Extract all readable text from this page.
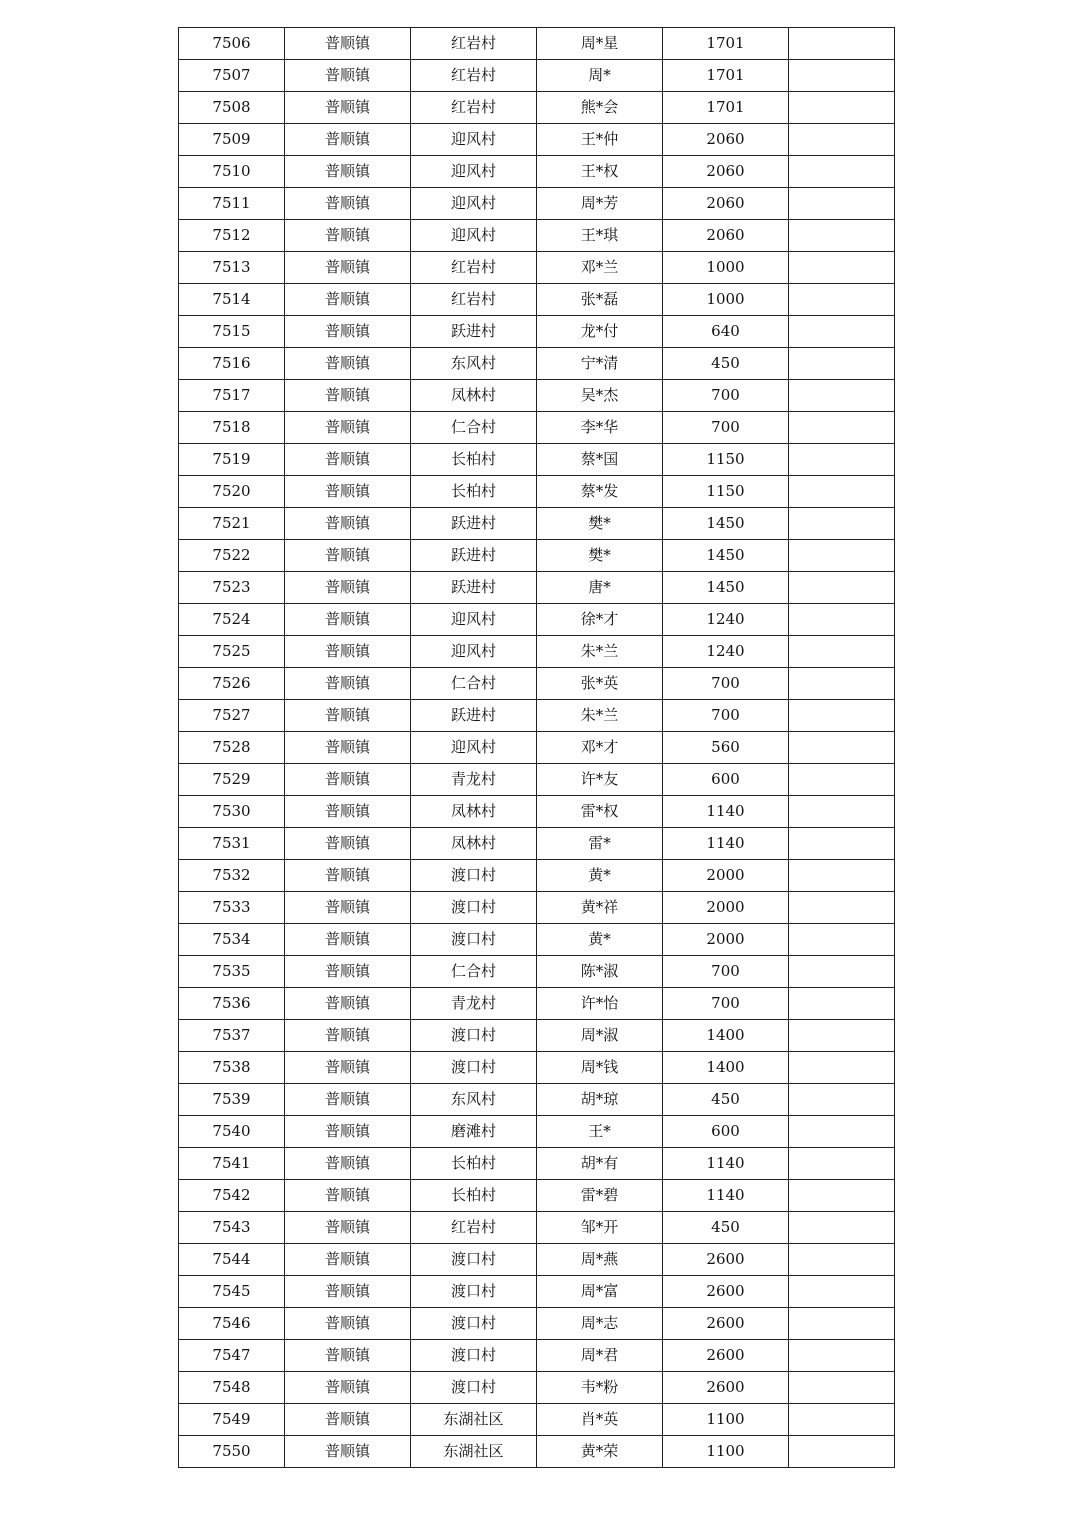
7506	普顺镇	红岩村	周*星	1701	
7507	普顺镇	红岩村	周*	1701	
7508	普顺镇	红岩村	熊*会	1701	
7509	普顺镇	迎风村	王*仲	2060	
7510	普顺镇	迎风村	王*权	2060	
7511	普顺镇	迎风村	周*芳	2060	
7512	普顺镇	迎风村	王*琪	2060	
7513	普顺镇	红岩村	邓*兰	1000	
7514	普顺镇	红岩村	张*磊	1000	
7515	普顺镇	跃进村	龙*付	640	
7516	普顺镇	东风村	宁*清	450	
7517	普顺镇	凤林村	吴*杰	700	
7518	普顺镇	仁合村	李*华	700	
7519	普顺镇	长柏村	蔡*国	1150	
7520	普顺镇	长柏村	蔡*发	1150	
7521	普顺镇	跃进村	樊*	1450	
7522	普顺镇	跃进村	樊*	1450	
7523	普顺镇	跃进村	唐*	1450	
7524	普顺镇	迎风村	徐*才	1240	
7525	普顺镇	迎风村	朱*兰	1240	
7526	普顺镇	仁合村	张*英	700	
7527	普顺镇	跃进村	朱*兰	700	
7528	普顺镇	迎风村	邓*才	560	
7529	普顺镇	青龙村	许*友	600	
7530	普顺镇	凤林村	雷*权	1140	
7531	普顺镇	凤林村	雷*	1140	
7532	普顺镇	渡口村	黄*	2000	
7533	普顺镇	渡口村	黄*祥	2000	
7534	普顺镇	渡口村	黄*	2000	
7535	普顺镇	仁合村	陈*淑	700	
7536	普顺镇	青龙村	许*怡	700	
7537	普顺镇	渡口村	周*淑	1400	
7538	普顺镇	渡口村	周*钱	1400	
7539	普顺镇	东风村	胡*琼	450	
7540	普顺镇	磨滩村	王*	600	
7541	普顺镇	长柏村	胡*有	1140	
7542	普顺镇	长柏村	雷*碧	1140	
7543	普顺镇	红岩村	邹*开	450	
7544	普顺镇	渡口村	周*燕	2600	
7545	普顺镇	渡口村	周*富	2600	
7546	普顺镇	渡口村	周*志	2600	
7547	普顺镇	渡口村	周*君	2600	
7548	普顺镇	渡口村	韦*粉	2600	
7549	普顺镇	东湖社区	肖*英	1100	
7550	普顺镇	东湖社区	黄*荣	1100	
